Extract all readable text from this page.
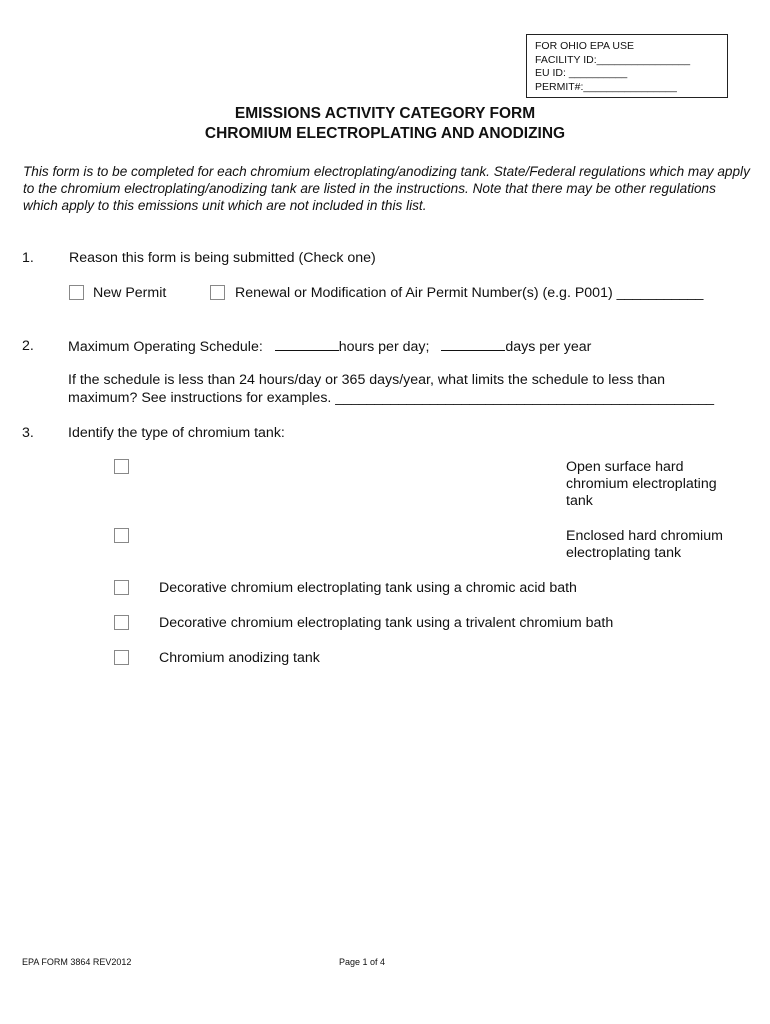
FOR OHIO EPA USE
FACILITY ID:________________
EU ID: __________
PERMIT#:________________
EMISSIONS ACTIVITY CATEGORY FORM
CHROMIUM ELECTROPLATING AND ANODIZING
This form is to be completed for each chromium electroplating/anodizing tank. State/Federal regulations which may apply to the chromium electroplating/anodizing tank are listed in the instructions. Note that there may be other regulations which apply to this emissions unit which are not included in this list.
1. Reason this form is being submitted (Check one)
New Permit	Renewal or Modification of Air Permit Number(s) (e.g. P001) ___________
2. Maximum Operating Schedule:	hours per day;	days per year
If the schedule is less than 24 hours/day or 365 days/year, what limits the schedule to less than
maximum? See instructions for examples. ________________________________________________
3. Identify the type of chromium tank:
Open surface hard
chromium electroplating
tank
Enclosed hard chromium
electroplating tank
Decorative chromium electroplating tank using a chromic acid bath
Decorative chromium electroplating tank using a trivalent chromium bath
Chromium anodizing tank
EPA FORM 3864 REV2012	Page 1 of 4
